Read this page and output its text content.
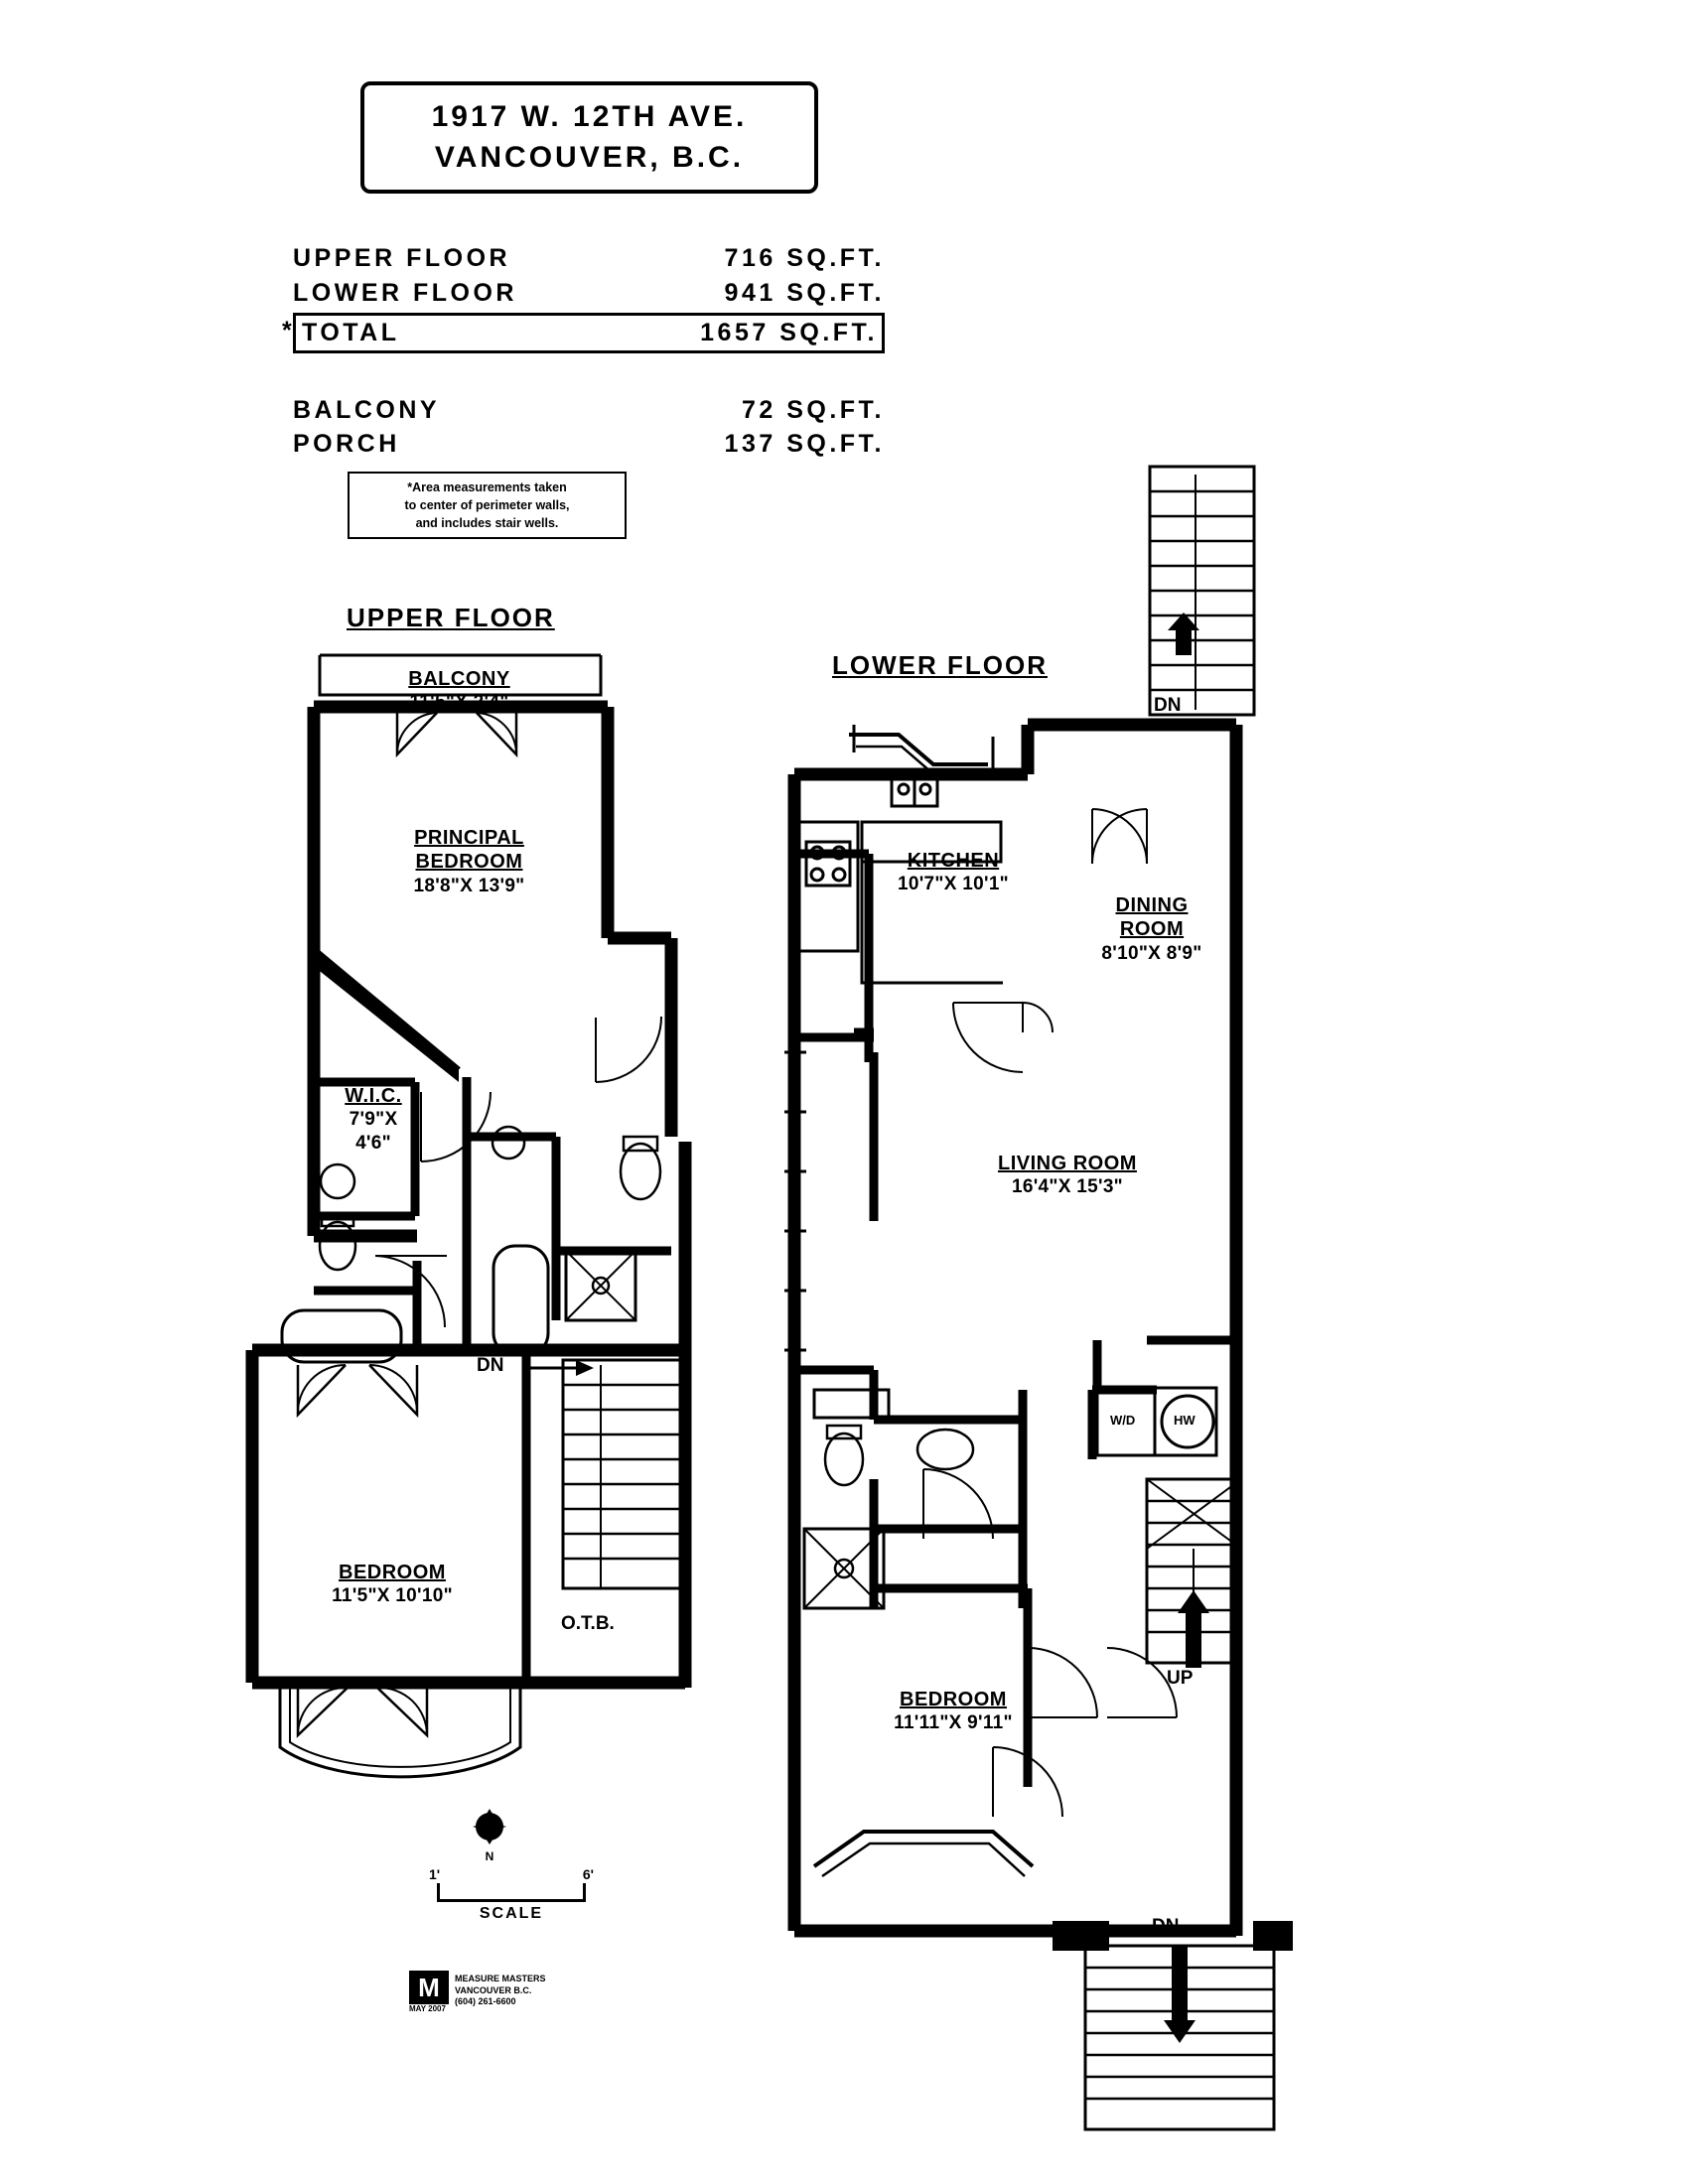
1917 W. 12TH AVE.
VANCOUVER, B.C.
UPPER FLOOR	716 SQ.FT.
LOWER FLOOR	941 SQ.FT.
* TOTAL	1657 SQ.FT.
BALCONY	72 SQ.FT.
PORCH	137 SQ.FT.
*Area measurements taken
to center of perimeter walls,
and includes stair wells.
UPPER FLOOR
LOWER FLOOR
BALCONY
11'5"X 2'4"
PRINCIPAL
BEDROOM
18'8"X 13'9"
W.I.C.
7'9"X
4'6"
BEDROOM
11'5"X 10'10"
DN
O.T.B.
KITCHEN
10'7"X 10'1"
DINING
ROOM
8'10"X 8'9"
LIVING ROOM
16'4"X 15'3"
BEDROOM
11'11"X 9'11"
DN
UP
DN
W/D	HW
N
1'	6'
SCALE
M	MEASURE MASTERS
VANCOUVER B.C.
(604) 261-6600
MAY 2007
